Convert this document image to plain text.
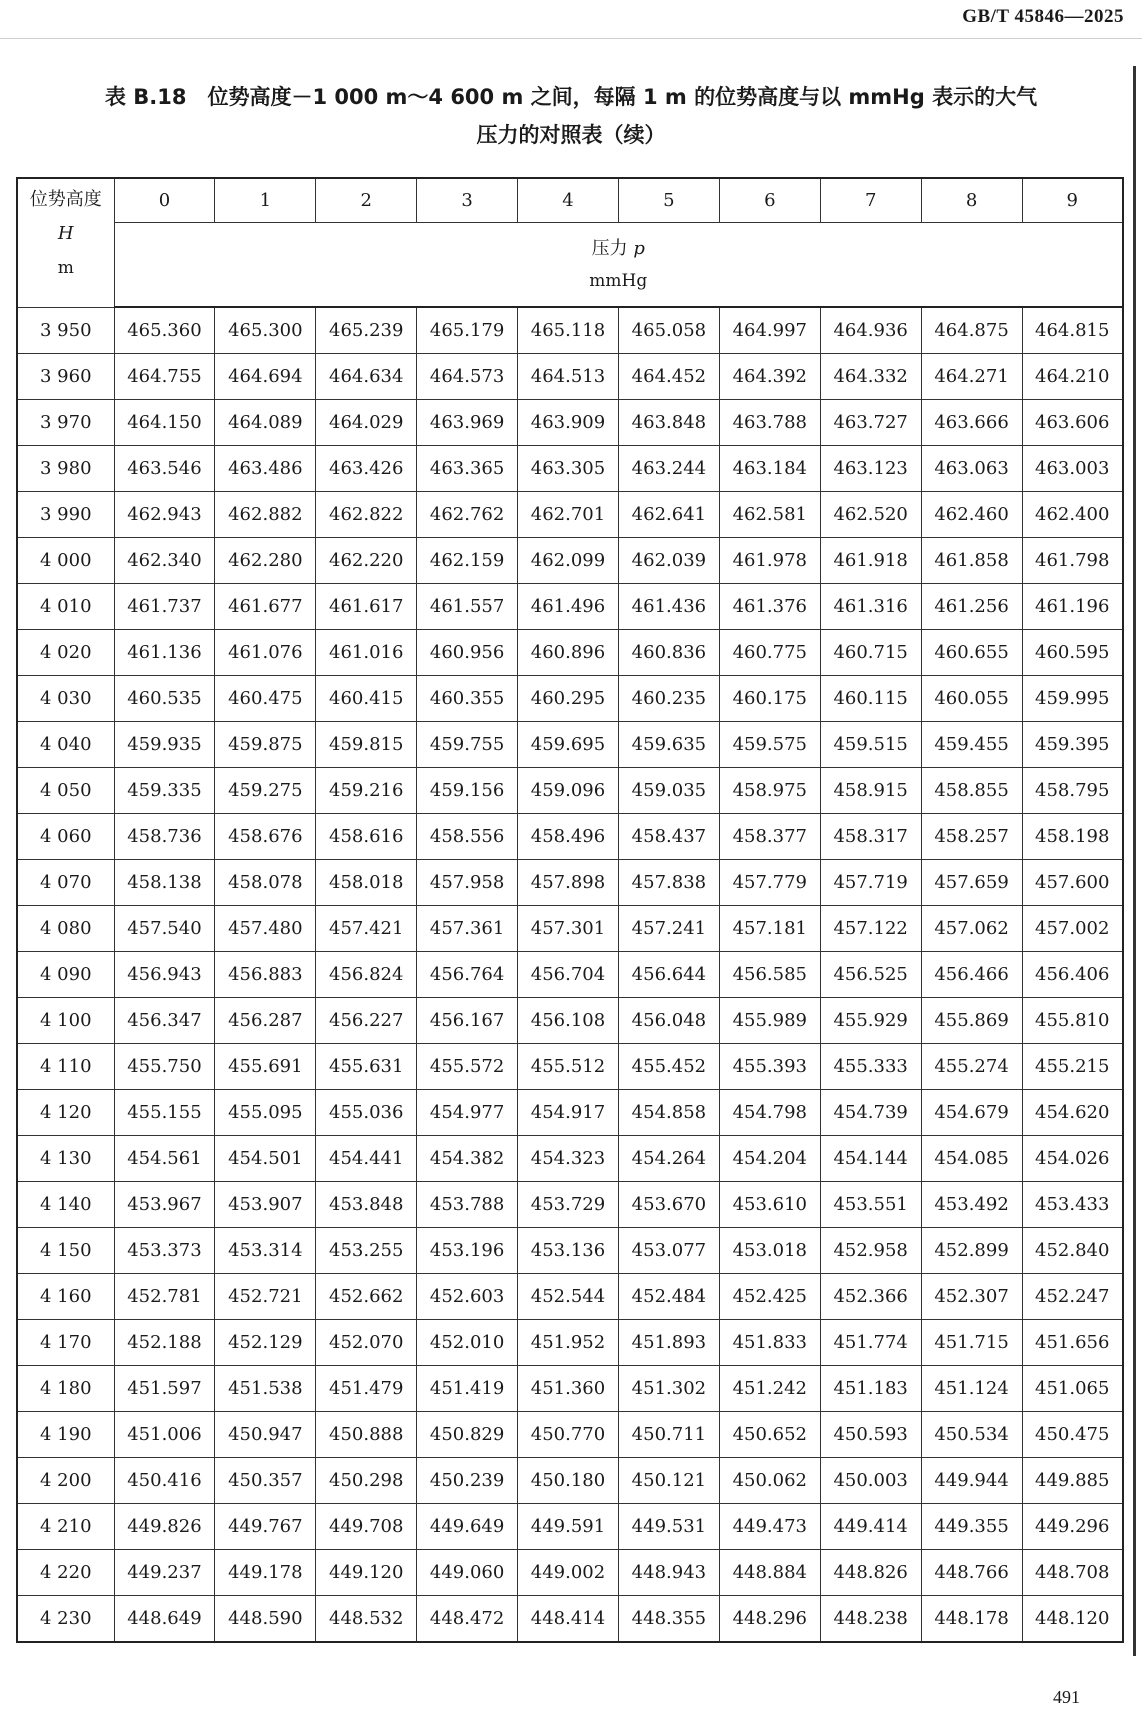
GB/T 45846—2025
表 B.18　位势高度－1 000 m～4 600 m 之间，每隔 1 m 的位势高度与以 mmHg 表示的大气
压力的对照表（续）
位势高度
H
m	0	1	2	3	4	5	6	7	8	9

	压力 p
mmHg									

3 950	465.360	465.300	465.239	465.179	465.118	465.058	464.997	464.936	464.875	464.815
3 960	464.755	464.694	464.634	464.573	464.513	464.452	464.392	464.332	464.271	464.210
3 970	464.150	464.089	464.029	463.969	463.909	463.848	463.788	463.727	463.666	463.606
3 980	463.546	463.486	463.426	463.365	463.305	463.244	463.184	463.123	463.063	463.003
3 990	462.943	462.882	462.822	462.762	462.701	462.641	462.581	462.520	462.460	462.400
4 000	462.340	462.280	462.220	462.159	462.099	462.039	461.978	461.918	461.858	461.798
4 010	461.737	461.677	461.617	461.557	461.496	461.436	461.376	461.316	461.256	461.196
4 020	461.136	461.076	461.016	460.956	460.896	460.836	460.775	460.715	460.655	460.595
4 030	460.535	460.475	460.415	460.355	460.295	460.235	460.175	460.115	460.055	459.995
4 040	459.935	459.875	459.815	459.755	459.695	459.635	459.575	459.515	459.455	459.395
4 050	459.335	459.275	459.216	459.156	459.096	459.035	458.975	458.915	458.855	458.795
4 060	458.736	458.676	458.616	458.556	458.496	458.437	458.377	458.317	458.257	458.198
4 070	458.138	458.078	458.018	457.958	457.898	457.838	457.779	457.719	457.659	457.600
4 080	457.540	457.480	457.421	457.361	457.301	457.241	457.181	457.122	457.062	457.002
4 090	456.943	456.883	456.824	456.764	456.704	456.644	456.585	456.525	456.466	456.406
4 100	456.347	456.287	456.227	456.167	456.108	456.048	455.989	455.929	455.869	455.810
4 110	455.750	455.691	455.631	455.572	455.512	455.452	455.393	455.333	455.274	455.215
4 120	455.155	455.095	455.036	454.977	454.917	454.858	454.798	454.739	454.679	454.620
4 130	454.561	454.501	454.441	454.382	454.323	454.264	454.204	454.144	454.085	454.026
4 140	453.967	453.907	453.848	453.788	453.729	453.670	453.610	453.551	453.492	453.433
4 150	453.373	453.314	453.255	453.196	453.136	453.077	453.018	452.958	452.899	452.840
4 160	452.781	452.721	452.662	452.603	452.544	452.484	452.425	452.366	452.307	452.247
4 170	452.188	452.129	452.070	452.010	451.952	451.893	451.833	451.774	451.715	451.656
4 180	451.597	451.538	451.479	451.419	451.360	451.302	451.242	451.183	451.124	451.065
4 190	451.006	450.947	450.888	450.829	450.770	450.711	450.652	450.593	450.534	450.475
4 200	450.416	450.357	450.298	450.239	450.180	450.121	450.062	450.003	449.944	449.885
4 210	449.826	449.767	449.708	449.649	449.591	449.531	449.473	449.414	449.355	449.296
4 220	449.237	449.178	449.120	449.060	449.002	448.943	448.884	448.826	448.766	448.708
4 230	448.649	448.590	448.532	448.472	448.414	448.355	448.296	448.238	448.178	448.120
491
